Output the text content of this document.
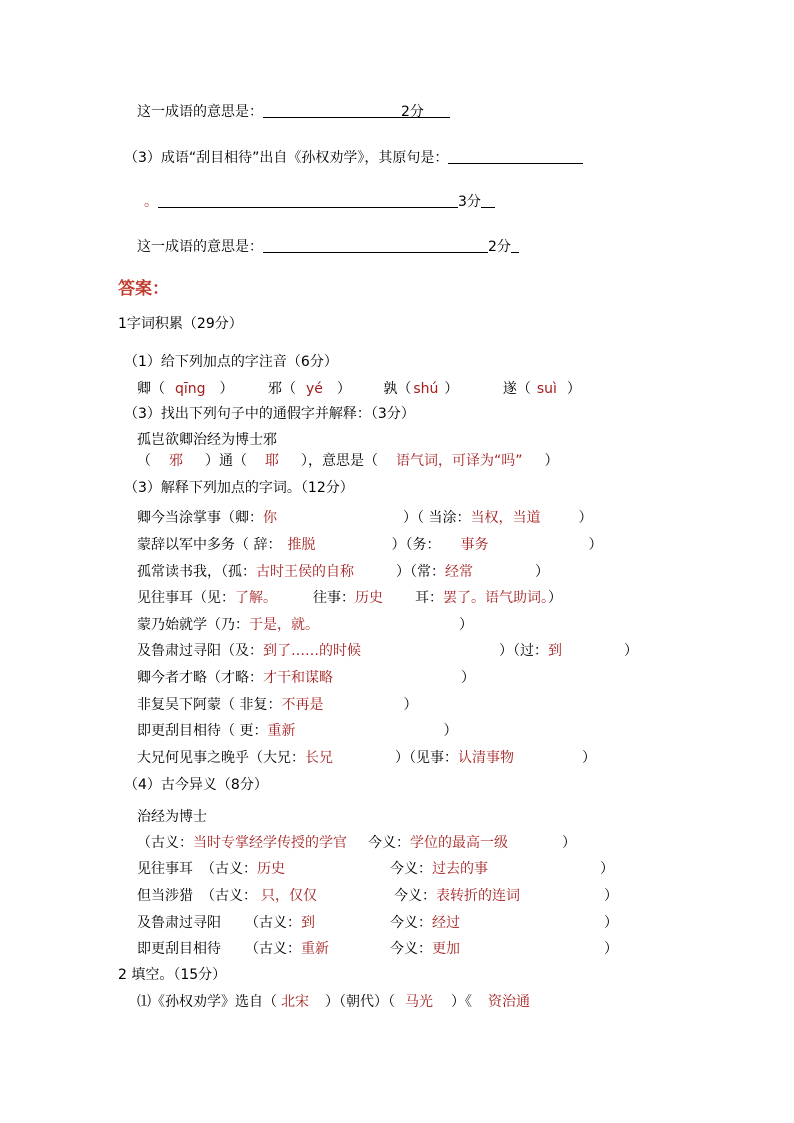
这一成语的意思是：	2分
（3）成语“刮目相待”出自《孙权劝学》，其原句是：
。	3分
这一成语的意思是：	2分
答案：
1字词积累（29分）
（1）给下列加点的字注音（6分）
卿（ qīng ） 邪（ yé ） 孰（ shú ）	遂（ suì ）
（3）找出下列句子中的通假字并解释：（3分）
孤岂欲卿治经为博士邪
（ 邪 ）通（ 耶 ），意思是（ 语气词，可译为“吗” ）
（3）解释下列加点的字词。（12分）
卿今当涂掌事（卿：你	）（ 当涂：当权，当道	）
蒙辞以军中多务（ 辞： 推脱	）（务： 事务	）
孤常读书我，（孤：古时王侯的自称	）（常：经常	）
见往事耳（见：了解。	往事：历史 耳：罢了。语气助词。）
蒙乃始就学（乃：于是，就。	）
及鲁肃过寻阳（及：到了……的时候	）（过：到	）
卿今者才略（才略：才干和谋略	）
非复吴下阿蒙（ 非复：不再是	）
即更刮目相待（ 更：重新	）
大兄何见事之晚乎（大兄：长兄	）（见事：认清事物	）
（4）古今异义（8分）
治经为博士
（古义：当时专掌经学传授的学官 今义：学位的最高一级	）
见往事耳 （古义：历史	今义：过去的事	）
但当涉猎 （古义： 只，仅仅	今义：表转折的连词	）
及鲁肃过寻阳 （古义：到	今义：经过	）
即更刮目相待 （古义：重新	今义：更加	）
2 填空。（15分）
⑴《孙权劝学》选自（ 北宋 ）（朝代）（ 马光 ）《 资治通
